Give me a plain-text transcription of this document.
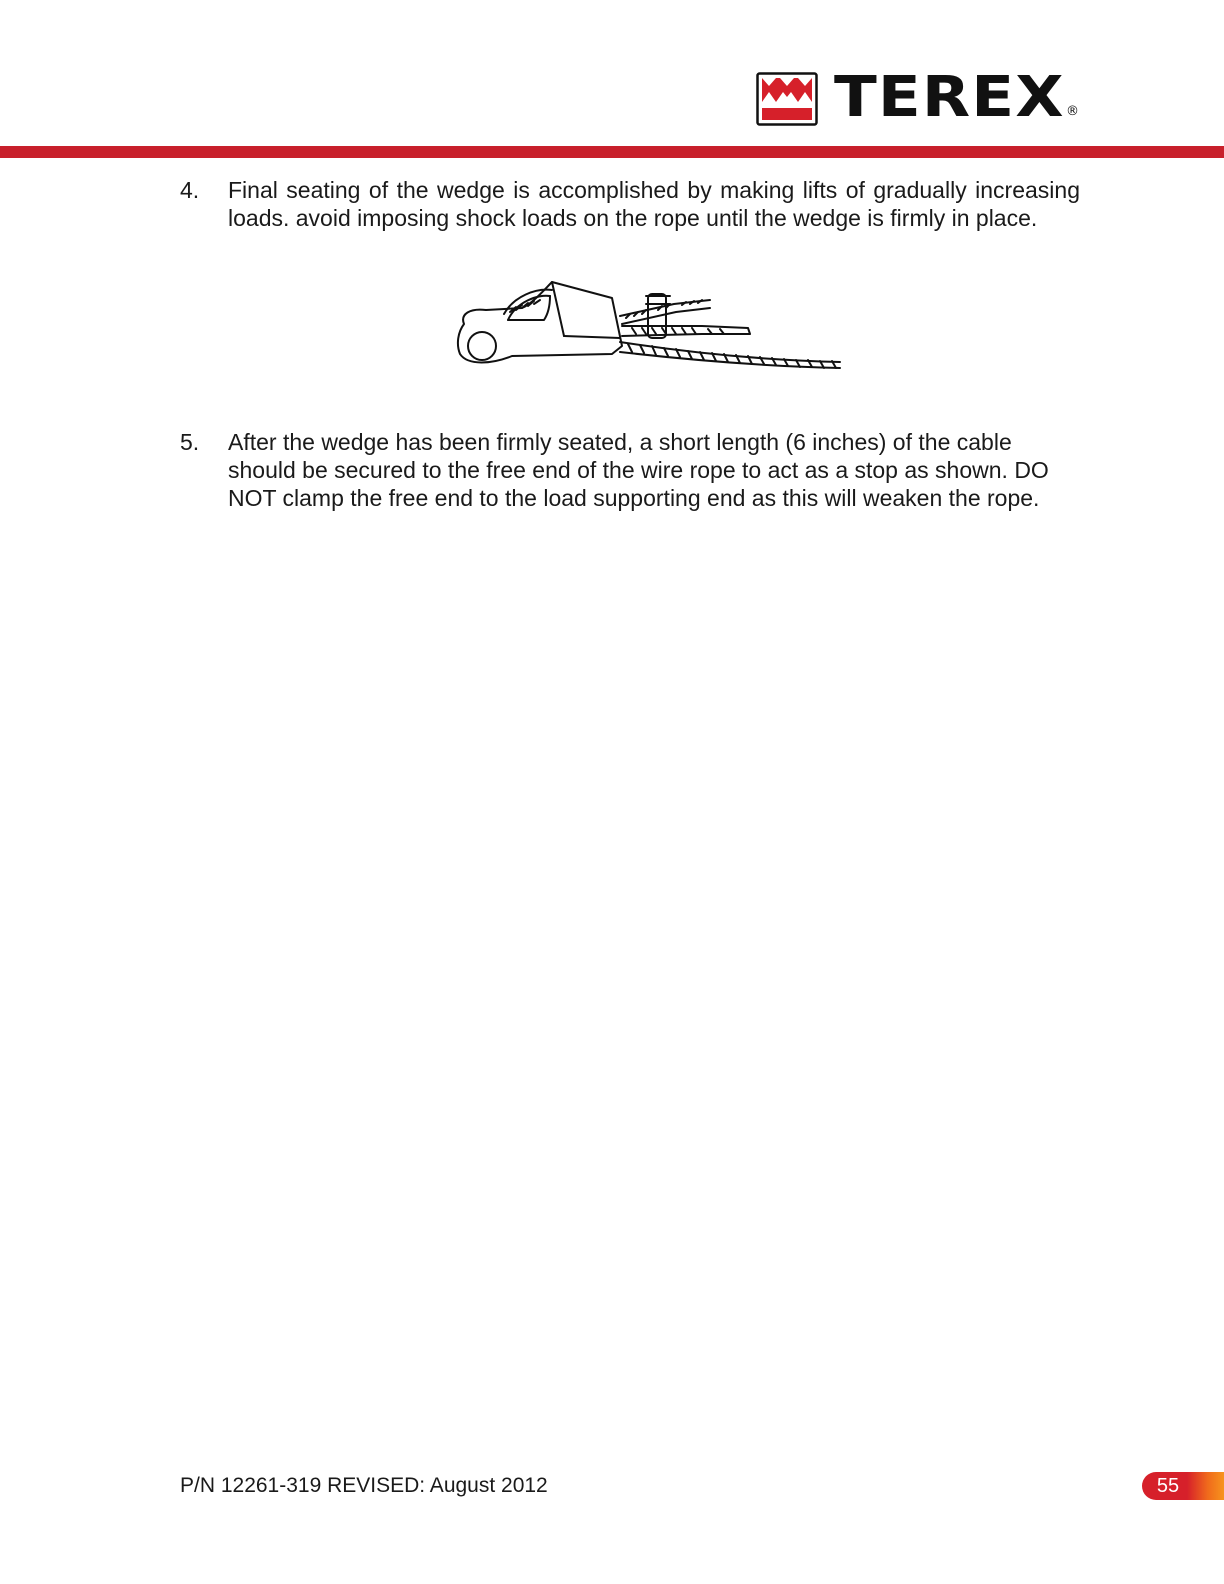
TEREX ®
4.	Final seating of the wedge is accomplished by making lifts of gradually increasing loads. avoid imposing shock loads on the rope until the wedge is firmly in place.

5.	After the wedge has been firmly seated, a short length (6 inches) of the cable should be secured to the free end of the wire rope to act as a stop as shown. DO NOT clamp the free end to the load supporting end as this will weaken the rope.

P/N 12261-319 REVISED: August 2012	55
